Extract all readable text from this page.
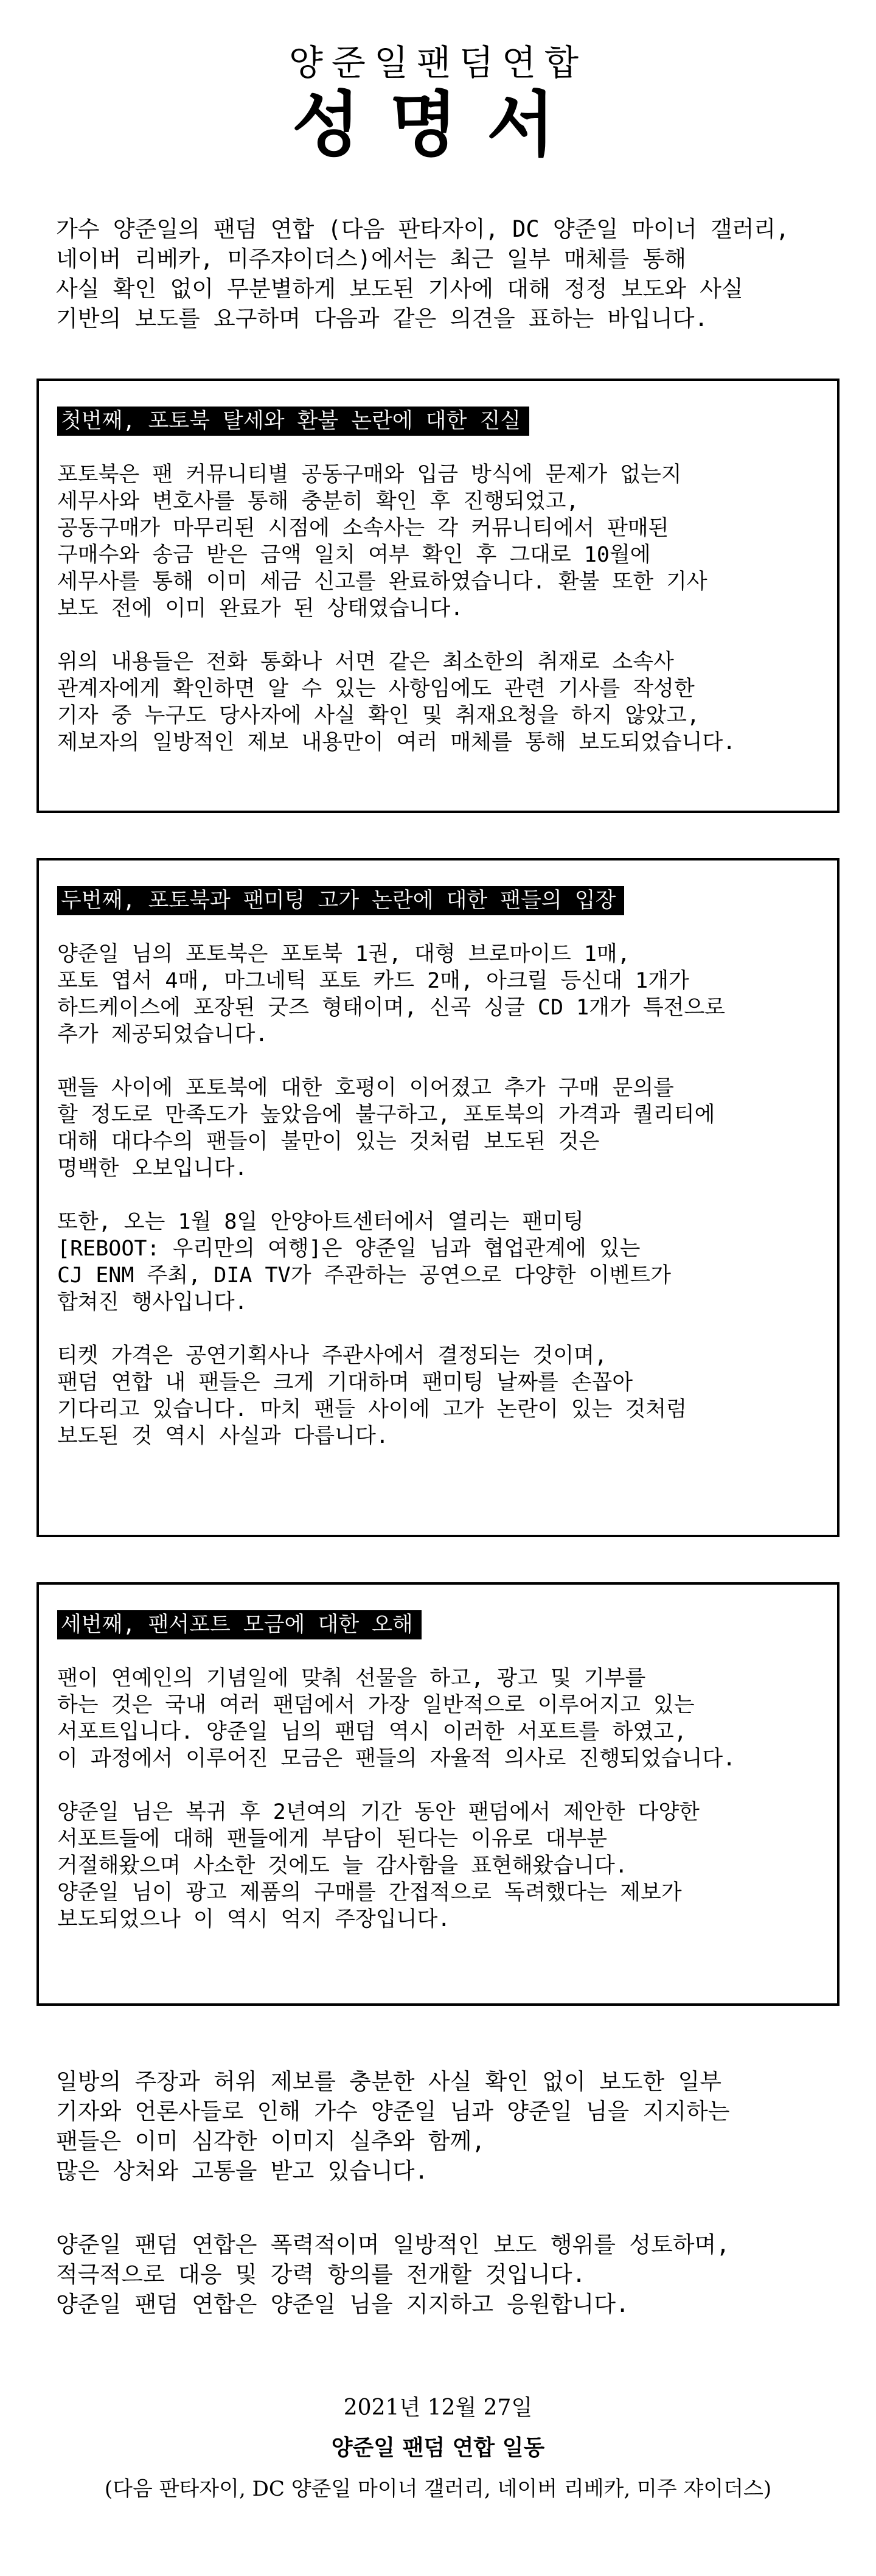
양준일팬덤연합
성명서

가수 양준일의 팬덤 연합 (다음 판타자이, DC 양준일 마이너 갤러리,

네이버 리베카, 미주쟈이더스)에서는 최근 일부 매체를 통해

사실 확인 없이 무분별하게 보도된 기사에 대해 정정 보도와 사실

기반의 보도를 요구하며 다음과 같은 의견을 표하는 바입니다.

첫번째, 포토북 탈세와 환불 논란에 대한 진실

포토북은 팬 커뮤니티별 공동구매와 입금 방식에 문제가 없는지
세무사와 변호사를 통해 충분히 확인 후 진행되었고,
공동구매가 마무리된 시점에 소속사는 각 커뮤니티에서 판매된
구매수와 송금 받은 금액 일치 여부 확인 후 그대로 10월에
세무사를 통해 이미 세금 신고를 완료하였습니다. 환불 또한 기사
보도 전에 이미 완료가 된 상태였습니다.

위의 내용들은 전화 통화나 서면 같은 최소한의 취재로 소속사
관계자에게 확인하면 알 수 있는 사항임에도 관련 기사를 작성한
기자 중 누구도 당사자에 사실 확인 및 취재요청을 하지 않았고,
제보자의 일방적인 제보 내용만이 여러 매체를 통해 보도되었습니다.

두번째, 포토북과 팬미팅 고가 논란에 대한 팬들의 입장

양준일 님의 포토북은 포토북 1권, 대형 브로마이드 1매,
포토 엽서 4매, 마그네틱 포토 카드 2매, 아크릴 등신대 1개가
하드케이스에 포장된 굿즈 형태이며, 신곡 싱글 CD 1개가 특전으로
추가 제공되었습니다.

팬들 사이에 포토북에 대한 호평이 이어졌고 추가 구매 문의를
할 정도로 만족도가 높았음에 불구하고, 포토북의 가격과 퀄리티에
대해 대다수의 팬들이 불만이 있는 것처럼 보도된 것은
명백한 오보입니다.

또한, 오는 1월 8일 안양아트센터에서 열리는 팬미팅
[REBOOT: 우리만의 여행]은 양준일 님과 협업관계에 있는
CJ ENM 주최, DIA TV가 주관하는 공연으로 다양한 이벤트가
합쳐진 행사입니다.

티켓 가격은 공연기획사나 주관사에서 결정되는 것이며,
팬덤 연합 내 팬들은 크게 기대하며 팬미팅 날짜를 손꼽아
기다리고 있습니다. 마치 팬들 사이에 고가 논란이 있는 것처럼
보도된 것 역시 사실과 다릅니다.

세번째, 팬서포트 모금에 대한 오해

팬이 연예인의 기념일에 맞춰 선물을 하고, 광고 및 기부를
하는 것은 국내 여러 팬덤에서 가장 일반적으로 이루어지고 있는
서포트입니다. 양준일 님의 팬덤 역시 이러한 서포트를 하였고,
이 과정에서 이루어진 모금은 팬들의 자율적 의사로 진행되었습니다.

양준일 님은 복귀 후 2년여의 기간 동안 팬덤에서 제안한 다양한
서포트들에 대해 팬들에게 부담이 된다는 이유로 대부분
거절해왔으며 사소한 것에도 늘 감사함을 표현해왔습니다.
양준일 님이 광고 제품의 구매를 간접적으로 독려했다는 제보가
보도되었으나 이 역시 억지 주장입니다.

일방의 주장과 허위 제보를 충분한 사실 확인 없이 보도한 일부
기자와 언론사들로 인해 가수 양준일 님과 양준일 님을 지지하는
팬들은 이미 심각한 이미지 실추와 함께,
많은 상처와 고통을 받고 있습니다.
양준일 팬덤 연합은 폭력적이며 일방적인 보도 행위를 성토하며,
적극적으로 대응 및 강력 항의를 전개할 것입니다.
양준일 팬덤 연합은 양준일 님을 지지하고 응원합니다.
2021년 12월 27일
양준일 팬덤 연합 일동
(다음 판타자이, DC 양준일 마이너 갤러리, 네이버 리베카, 미주 쟈이더스)
